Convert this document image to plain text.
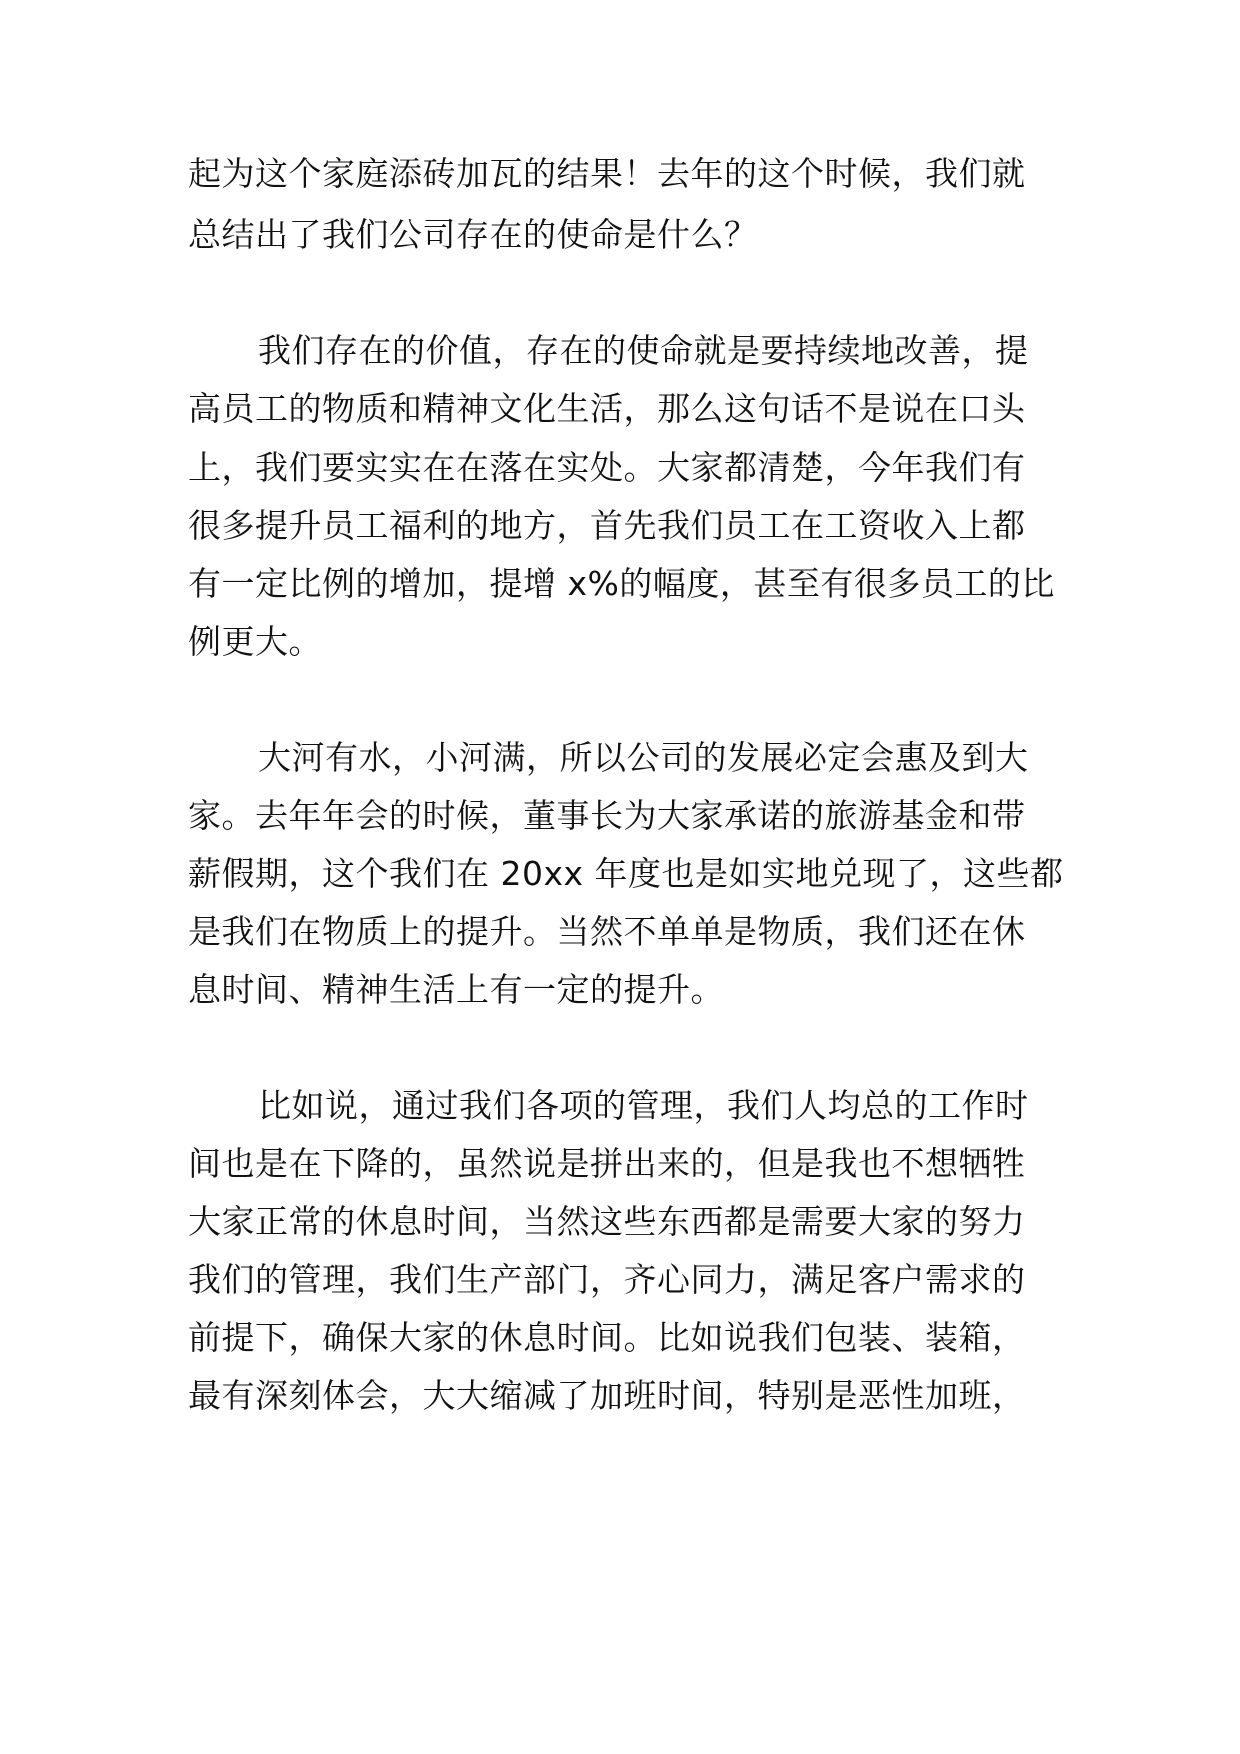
起为这个家庭添砖加瓦的结果！去年的这个时候，我们就
总结出了我们公司存在的使命是什么？
我们存在的价值，存在的使命就是要持续地改善，提
高员工的物质和精神文化生活，那么这句话不是说在口头
上，我们要实实在在落在实处。大家都清楚，今年我们有
很多提升员工福利的地方，首先我们员工在工资收入上都
有一定比例的增加，提增 x%的幅度，甚至有很多员工的比
例更大。
大河有水，小河满，所以公司的发展必定会惠及到大
家。去年年会的时候，董事长为大家承诺的旅游基金和带
薪假期，这个我们在 20xx 年度也是如实地兑现了，这些都
是我们在物质上的提升。当然不单单是物质，我们还在休
息时间、精神生活上有一定的提升。
比如说，通过我们各项的管理，我们人均总的工作时
间也是在下降的，虽然说是拼出来的，但是我也不想牺牲
大家正常的休息时间，当然这些东西都是需要大家的努力
我们的管理，我们生产部门，齐心同力，满足客户需求的
前提下，确保大家的休息时间。比如说我们包装、装箱，
最有深刻体会，大大缩减了加班时间，特别是恶性加班，
